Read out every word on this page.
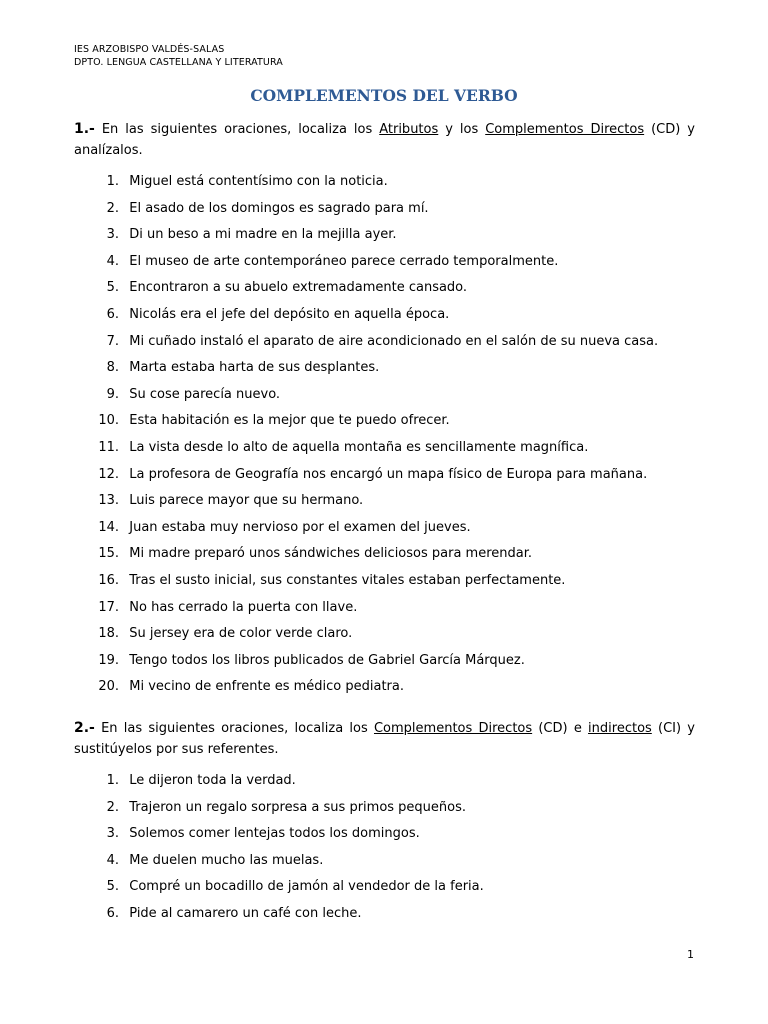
IES ARZOBISPO VALDÉS-SALAS
DPTO. LENGUA CASTELLANA Y LITERATURA
COMPLEMENTOS DEL VERBO
1.- En las siguientes oraciones, localiza los Atributos y los Complementos Directos (CD) y analízalos.
1. Miguel está contentísimo con la noticia.
2. El asado de los domingos es sagrado para mí.
3. Di un beso a mi madre en la mejilla ayer.
4. El museo de arte contemporáneo parece cerrado temporalmente.
5. Encontraron a su abuelo extremadamente cansado.
6. Nicolás era el jefe del depósito en aquella época.
7. Mi cuñado instaló el aparato de aire acondicionado en el salón de su nueva casa.
8. Marta estaba harta de sus desplantes.
9. Su cose parecía nuevo.
10. Esta habitación es la mejor que te puedo ofrecer.
11. La vista desde lo alto de aquella montaña es sencillamente magnífica.
12. La profesora de Geografía nos encargó un mapa físico de Europa para mañana.
13. Luis parece mayor que su hermano.
14. Juan estaba muy nervioso por el examen del jueves.
15. Mi madre preparó unos sándwiches deliciosos para merendar.
16. Tras el susto inicial, sus constantes vitales estaban perfectamente.
17. No has cerrado la puerta con llave.
18. Su jersey era de color verde claro.
19. Tengo todos los libros publicados de Gabriel García Márquez.
20. Mi vecino de enfrente es médico pediatra.
2.- En las siguientes oraciones, localiza los Complementos Directos (CD) e indirectos (CI) y sustitúyelos por sus referentes.
1. Le dijeron toda la verdad.
2. Trajeron un regalo sorpresa a sus primos pequeños.
3. Solemos comer lentejas todos los domingos.
4. Me duelen mucho las muelas.
5. Compré un bocadillo de jamón al vendedor de la feria.
6. Pide al camarero un café con leche.
1
